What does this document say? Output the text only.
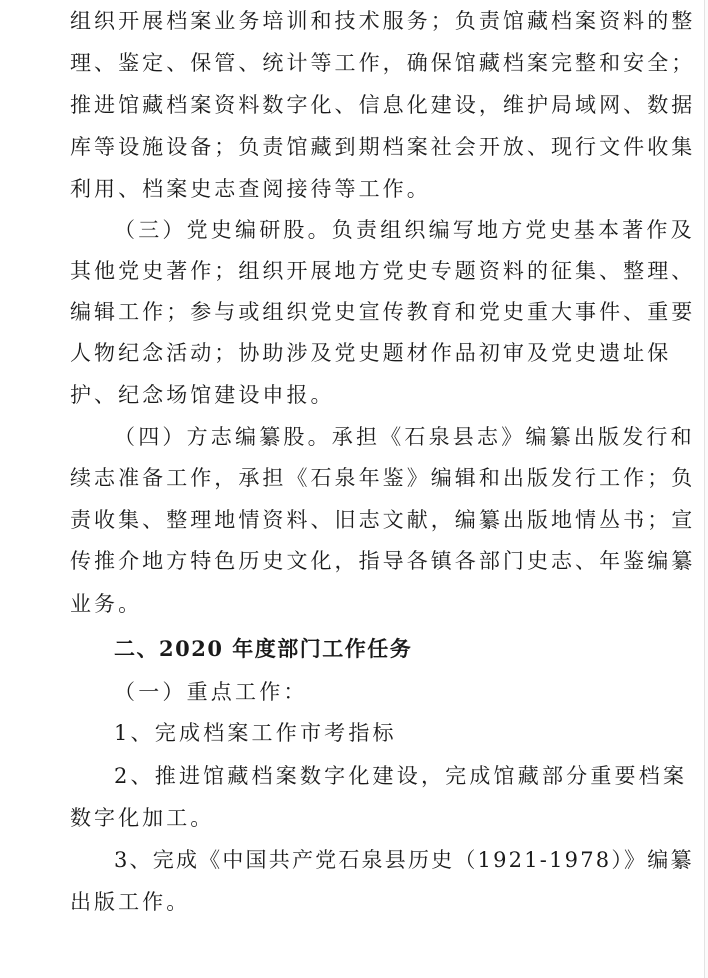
组织开展档案业务培训和技术服务；负责馆藏档案资料的整
理、鉴定、保管、统计等工作，确保馆藏档案完整和安全；
推进馆藏档案资料数字化、信息化建设，维护局域网、数据
库等设施设备；负责馆藏到期档案社会开放、现行文件收集
利用、档案史志查阅接待等工作。
（三）党史编研股。负责组织编写地方党史基本著作及
其他党史著作；组织开展地方党史专题资料的征集、整理、
编辑工作；参与或组织党史宣传教育和党史重大事件、重要
人物纪念活动；协助涉及党史题材作品初审及党史遗址保
护、纪念场馆建设申报。
（四）方志编纂股。承担《石泉县志》编纂出版发行和
续志准备工作，承担《石泉年鉴》编辑和出版发行工作；负
责收集、整理地情资料、旧志文献，编纂出版地情丛书；宣
传推介地方特色历史文化，指导各镇各部门史志、年鉴编纂
业务。
二、2020 年度部门工作任务
（一）重点工作：
1、完成档案工作市考指标
2、推进馆藏档案数字化建设，完成馆藏部分重要档案
数字化加工。
3、完成《中国共产党石泉县历史（1921-1978）》编纂
出版工作。
